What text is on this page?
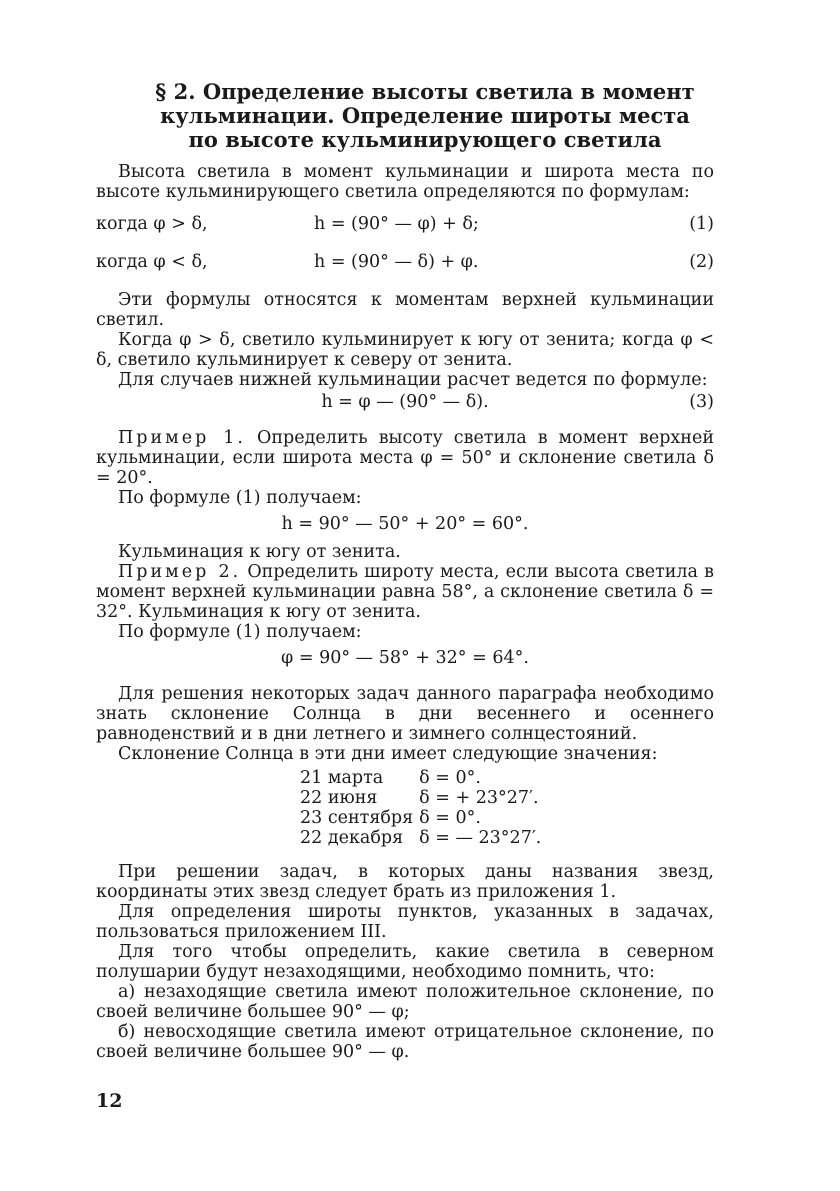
§ 2. Определение высоты светила в момент
кульминации. Определение широты места
по высоте кульминирующего светила

Высота светила в момент кульминации и широта места по высоте кульминирующего светила определяются по формулам:

когда φ > δ,	h = (90° — φ) + δ;	(1)
когда φ < δ,	h = (90° — δ) + φ.	(2)

Эти формулы относятся к моментам верхней кульминации светил.

Когда φ > δ, светило кульминирует к югу от зенита; когда φ < δ, светило кульминирует к северу от зенита.

Для случаев нижней кульминации расчет ведется по формуле:

h = φ — (90° — δ).	(3)

Пример 1. Определить высоту светила в момент верхней кульминации, если широта места φ = 50° и склонение светила δ = 20°.

По формуле (1) получаем:

h = 90° — 50° + 20° = 60°.

Кульминация к югу от зенита.

Пример 2. Определить широту места, если высота светила в момент верхней кульминации равна 58°, а склонение светила δ = 32°. Кульминация к югу от зенита.

По формуле (1) получаем:

φ = 90° — 58° + 32° = 64°.

Для решения некоторых задач данного параграфа необходимо знать склонение Солнца в дни весеннего и осеннего равноденствий и в дни летнего и зимнего солнцестояний.

Склонение Солнца в эти дни имеет следующие значения:

21 марта	δ = 0°.
22 июня	δ = + 23°27′.
23 сентября	δ = 0°.
22 декабря	δ = — 23°27′.

При решении задач, в которых даны названия звезд, координаты этих звезд следует брать из приложения 1.

Для определения широты пунктов, указанных в задачах, пользоваться приложением III.

Для того чтобы определить, какие светила в северном полушарии будут незаходящими, необходимо помнить, что:

а) незаходящие светила имеют положительное склонение, по своей величине большее 90° — φ;

б) невосходящие светила имеют отрицательное склонение, по своей величине большее 90° — φ.

12
